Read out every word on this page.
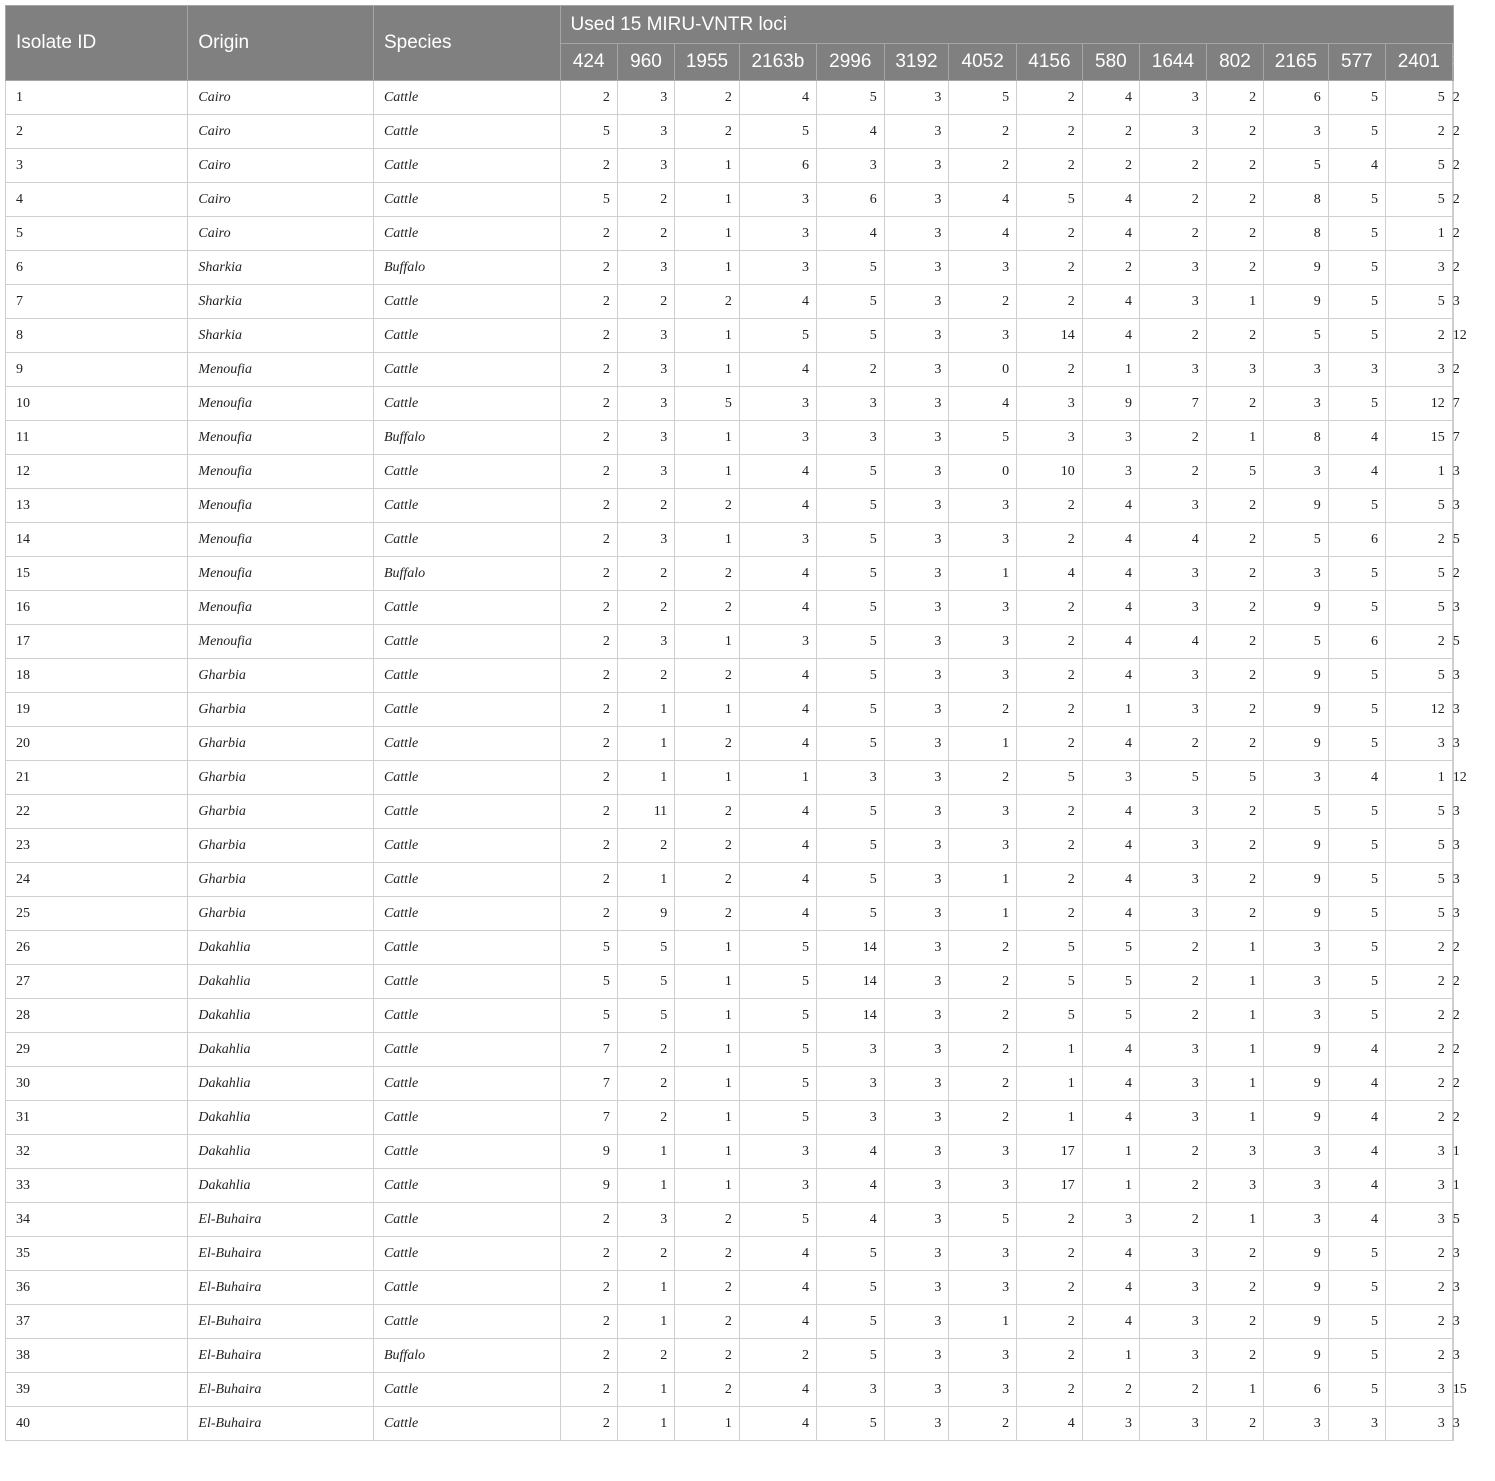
Isolate ID	Origin	Species	Used 15 MIRU-VNTR loci														
			424	960	1955	2163b	2996	3192	4052	4156	580	1644	802	2165	577	2401	3690
1	Cairo	Cattle	2	3	2	4	5	3	5	2	4	3	2	6	5	5	2
2	Cairo	Cattle	5	3	2	5	4	3	2	2	2	3	2	3	5	2	2
3	Cairo	Cattle	2	3	1	6	3	3	2	2	2	2	2	5	4	5	2
4	Cairo	Cattle	5	2	1	3	6	3	4	5	4	2	2	8	5	5	2
5	Cairo	Cattle	2	2	1	3	4	3	4	2	4	2	2	8	5	1	2
6	Sharkia	Buffalo	2	3	1	3	5	3	3	2	2	3	2	9	5	3	2
7	Sharkia	Cattle	2	2	2	4	5	3	2	2	4	3	1	9	5	5	3
8	Sharkia	Cattle	2	3	1	5	5	3	3	14	4	2	2	5	5	2	12
9	Menoufia	Cattle	2	3	1	4	2	3	0	2	1	3	3	3	3	3	2
10	Menoufia	Cattle	2	3	5	3	3	3	4	3	9	7	2	3	5	12	7
11	Menoufia	Buffalo	2	3	1	3	3	3	5	3	3	2	1	8	4	15	7
12	Menoufia	Cattle	2	3	1	4	5	3	0	10	3	2	5	3	4	1	3
13	Menoufia	Cattle	2	2	2	4	5	3	3	2	4	3	2	9	5	5	3
14	Menoufia	Cattle	2	3	1	3	5	3	3	2	4	4	2	5	6	2	5
15	Menoufia	Buffalo	2	2	2	4	5	3	1	4	4	3	2	3	5	5	2
16	Menoufia	Cattle	2	2	2	4	5	3	3	2	4	3	2	9	5	5	3
17	Menoufia	Cattle	2	3	1	3	5	3	3	2	4	4	2	5	6	2	5
18	Gharbia	Cattle	2	2	2	4	5	3	3	2	4	3	2	9	5	5	3
19	Gharbia	Cattle	2	1	1	4	5	3	2	2	1	3	2	9	5	12	3
20	Gharbia	Cattle	2	1	2	4	5	3	1	2	4	2	2	9	5	3	3
21	Gharbia	Cattle	2	1	1	1	3	3	2	5	3	5	5	3	4	1	12
22	Gharbia	Cattle	2	11	2	4	5	3	3	2	4	3	2	5	5	5	3
23	Gharbia	Cattle	2	2	2	4	5	3	3	2	4	3	2	9	5	5	3
24	Gharbia	Cattle	2	1	2	4	5	3	1	2	4	3	2	9	5	5	3
25	Gharbia	Cattle	2	9	2	4	5	3	1	2	4	3	2	9	5	5	3
26	Dakahlia	Cattle	5	5	1	5	14	3	2	5	5	2	1	3	5	2	2
27	Dakahlia	Cattle	5	5	1	5	14	3	2	5	5	2	1	3	5	2	2
28	Dakahlia	Cattle	5	5	1	5	14	3	2	5	5	2	1	3	5	2	2
29	Dakahlia	Cattle	7	2	1	5	3	3	2	1	4	3	1	9	4	2	2
30	Dakahlia	Cattle	7	2	1	5	3	3	2	1	4	3	1	9	4	2	2
31	Dakahlia	Cattle	7	2	1	5	3	3	2	1	4	3	1	9	4	2	2
32	Dakahlia	Cattle	9	1	1	3	4	3	3	17	1	2	3	3	4	3	1
33	Dakahlia	Cattle	9	1	1	3	4	3	3	17	1	2	3	3	4	3	1
34	El-Buhaira	Cattle	2	3	2	5	4	3	5	2	3	2	1	3	4	3	5
35	El-Buhaira	Cattle	2	2	2	4	5	3	3	2	4	3	2	9	5	2	3
36	El-Buhaira	Cattle	2	1	2	4	5	3	3	2	4	3	2	9	5	2	3
37	El-Buhaira	Cattle	2	1	2	4	5	3	1	2	4	3	2	9	5	2	3
38	El-Buhaira	Buffalo	2	2	2	2	5	3	3	2	1	3	2	9	5	2	3
39	El-Buhaira	Cattle	2	1	2	4	3	3	3	2	2	2	1	6	5	3	15
40	El-Buhaira	Cattle	2	1	1	4	5	3	2	4	3	3	2	3	3	3	3
